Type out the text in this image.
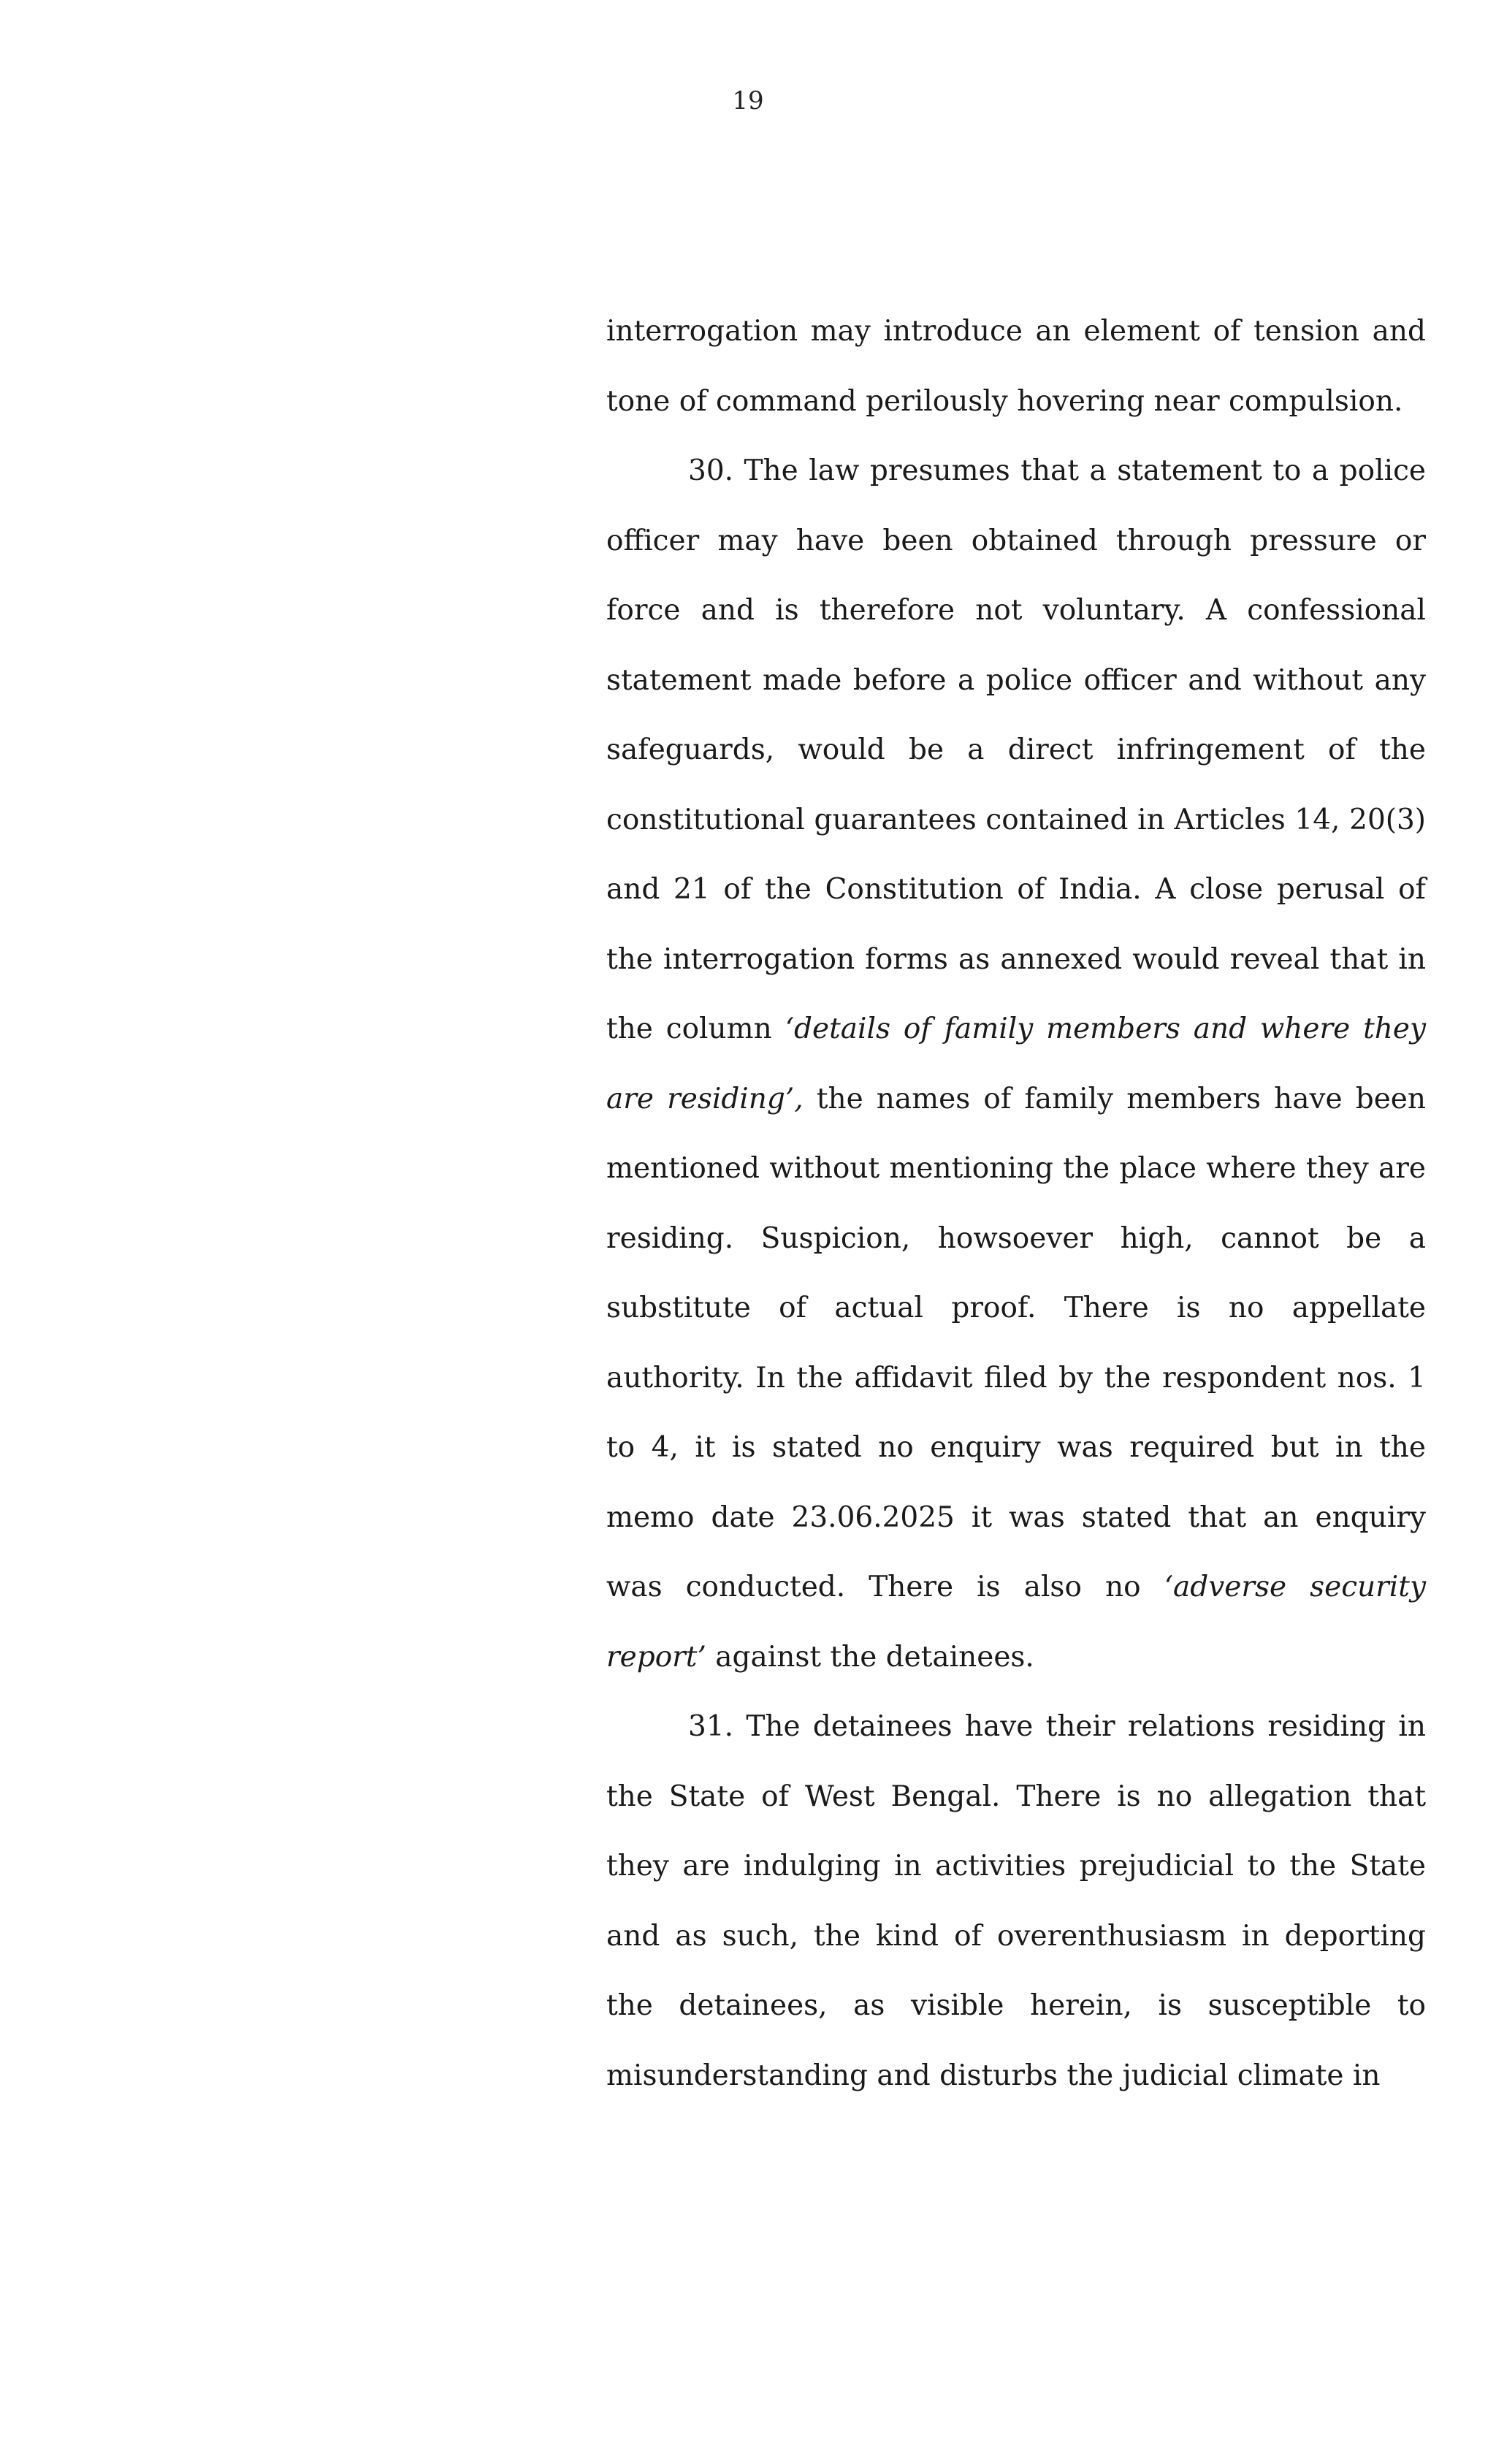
19

interrogation may introduce an element of tension and tone of command perilously hovering near compulsion.

30. The law presumes that a statement to a police officer may have been obtained through pressure or force and is therefore not voluntary. A confessional statement made before a police officer and without any safeguards, would be a direct infringement of the constitutional guarantees contained in Articles 14, 20(3) and 21 of the Constitution of India. A close perusal of the interrogation forms as annexed would reveal that in the column ‘details of family members and where they are residing’, the names of family members have been mentioned without mentioning the place where they are residing. Suspicion, howsoever high, cannot be a substitute of actual proof. There is no appellate authority. In the affidavit filed by the respondent nos. 1 to 4, it is stated no enquiry was required but in the memo date 23.06.2025 it was stated that an enquiry was conducted. There is also no ‘adverse security report’ against the detainees.

31. The detainees have their relations residing in the State of West Bengal. There is no allegation that they are indulging in activities prejudicial to the State and as such, the kind of overenthusiasm in deporting the detainees, as visible herein, is susceptible to misunderstanding and disturbs the judicial climate in
